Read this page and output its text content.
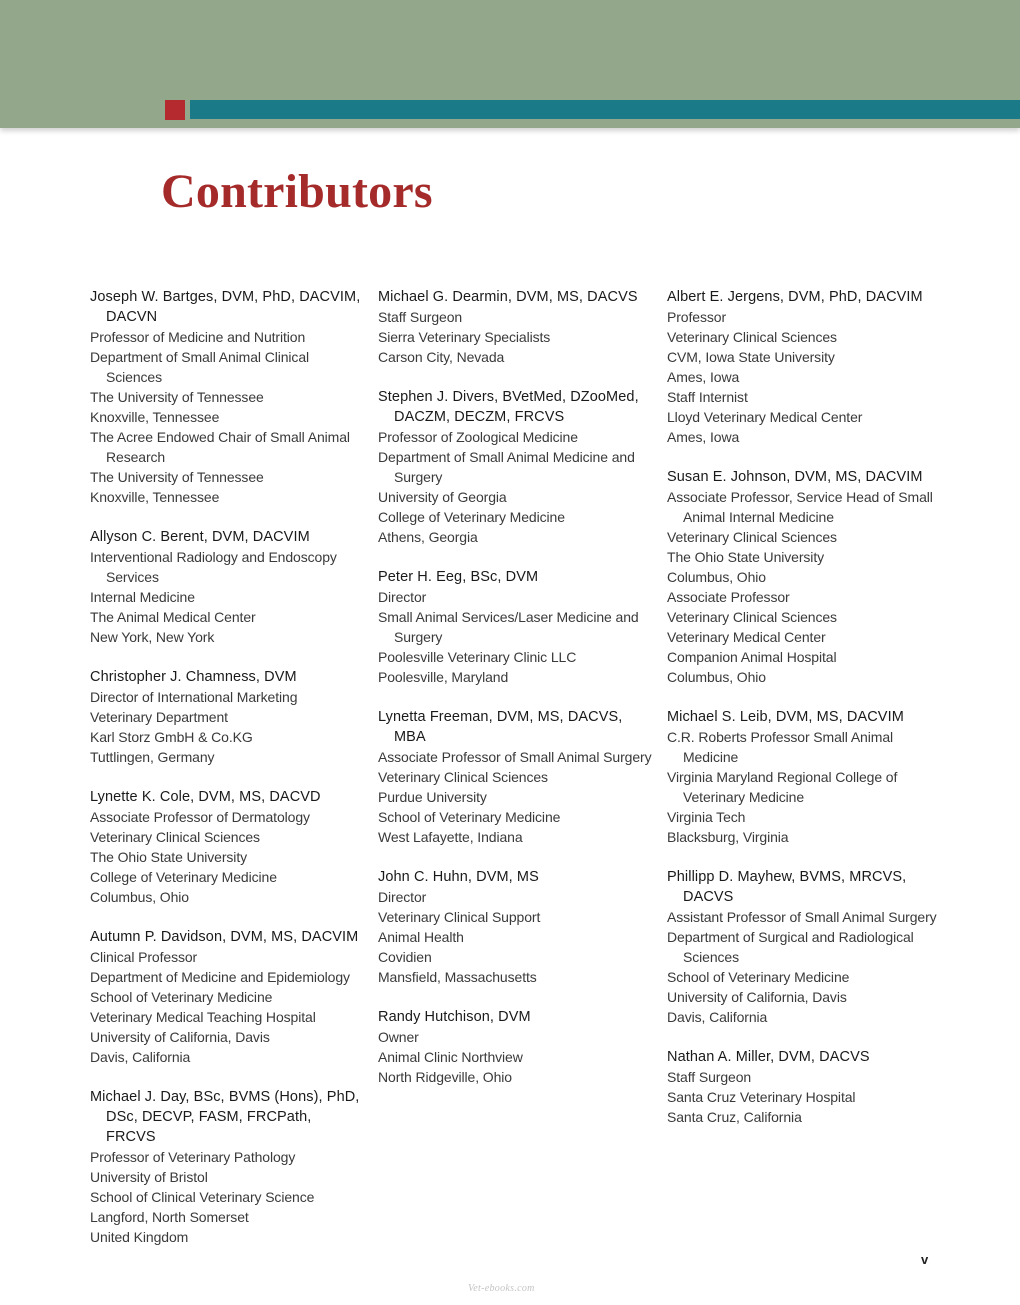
Contributors
Joseph W. Bartges, DVM, PhD, DACVIM, DACVN
Professor of Medicine and Nutrition
Department of Small Animal Clinical Sciences
The University of Tennessee
Knoxville, Tennessee
The Acree Endowed Chair of Small Animal Research
The University of Tennessee
Knoxville, Tennessee
Allyson C. Berent, DVM, DACVIM
Interventional Radiology and Endoscopy Services
Internal Medicine
The Animal Medical Center
New York, New York
Christopher J. Chamness, DVM
Director of International Marketing
Veterinary Department
Karl Storz GmbH & Co.KG
Tuttlingen, Germany
Lynette K. Cole, DVM, MS, DACVD
Associate Professor of Dermatology
Veterinary Clinical Sciences
The Ohio State University
College of Veterinary Medicine
Columbus, Ohio
Autumn P. Davidson, DVM, MS, DACVIM
Clinical Professor
Department of Medicine and Epidemiology
School of Veterinary Medicine
Veterinary Medical Teaching Hospital
University of California, Davis
Davis, California
Michael J. Day, BSc, BVMS (Hons), PhD, DSc, DECVP, FASM, FRCPath, FRCVS
Professor of Veterinary Pathology
University of Bristol
School of Clinical Veterinary Science
Langford, North Somerset
United Kingdom
Michael G. Dearmin, DVM, MS, DACVS
Staff Surgeon
Sierra Veterinary Specialists
Carson City, Nevada
Stephen J. Divers, BVetMed, DZooMed, DACZM, DECZM, FRCVS
Professor of Zoological Medicine
Department of Small Animal Medicine and Surgery
University of Georgia
College of Veterinary Medicine
Athens, Georgia
Peter H. Eeg, BSc, DVM
Director
Small Animal Services/Laser Medicine and Surgery
Poolesville Veterinary Clinic LLC
Poolesville, Maryland
Lynetta Freeman, DVM, MS, DACVS, MBA
Associate Professor of Small Animal Surgery
Veterinary Clinical Sciences
Purdue University
School of Veterinary Medicine
West Lafayette, Indiana
John C. Huhn, DVM, MS
Director
Veterinary Clinical Support
Animal Health
Covidien
Mansfield, Massachusetts
Randy Hutchison, DVM
Owner
Animal Clinic Northview
North Ridgeville, Ohio
Albert E. Jergens, DVM, PhD, DACVIM
Professor
Veterinary Clinical Sciences
CVM, Iowa State University
Ames, Iowa
Staff Internist
Lloyd Veterinary Medical Center
Ames, Iowa
Susan E. Johnson, DVM, MS, DACVIM
Associate Professor, Service Head of Small Animal Internal Medicine
Veterinary Clinical Sciences
The Ohio State University
Columbus, Ohio
Associate Professor
Veterinary Clinical Sciences
Veterinary Medical Center
Companion Animal Hospital
Columbus, Ohio
Michael S. Leib, DVM, MS, DACVIM
C.R. Roberts Professor Small Animal Medicine
Virginia Maryland Regional College of Veterinary Medicine
Virginia Tech
Blacksburg, Virginia
Phillipp D. Mayhew, BVMS, MRCVS, DACVS
Assistant Professor of Small Animal Surgery
Department of Surgical and Radiological Sciences
School of Veterinary Medicine
University of California, Davis
Davis, California
Nathan A. Miller, DVM, DACVS
Staff Surgeon
Santa Cruz Veterinary Hospital
Santa Cruz, California
v
Vet-ebooks.com
